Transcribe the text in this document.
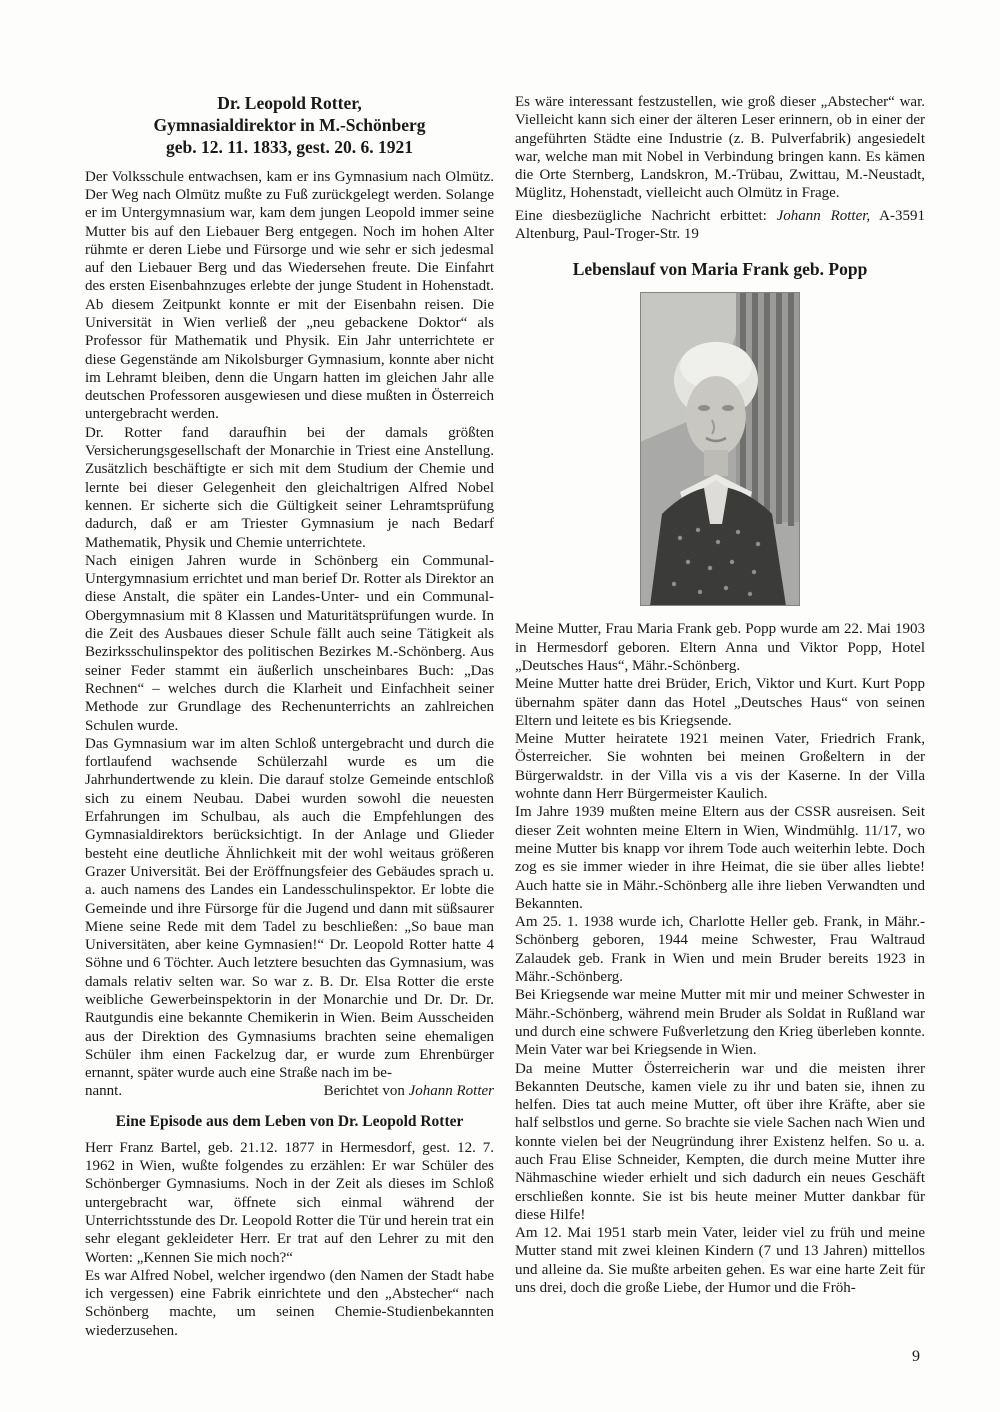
Dr. Leopold Rotter,
Gymnasialdirektor in M.-Schönberg
geb. 12. 11. 1833, gest. 20. 6. 1921

Der Volksschule entwachsen, kam er ins Gymnasium nach Olmütz. Der Weg nach Olmütz mußte zu Fuß zurückgelegt werden. Solange er im Untergymnasium war, kam dem jungen Leopold immer seine Mutter bis auf den Liebauer Berg entgegen. Noch im hohen Alter rühmte er deren Liebe und Fürsorge und wie sehr er sich jedesmal auf den Liebauer Berg und das Wiedersehen freute. Die Einfahrt des ersten Eisenbahnzuges erlebte der junge Student in Hohenstadt. Ab diesem Zeitpunkt konnte er mit der Eisenbahn reisen. Die Universität in Wien verließ der „neu gebackene Doktor“ als Professor für Mathematik und Physik. Ein Jahr unterrichtete er diese Gegenstände am Nikolsburger Gymnasium, konnte aber nicht im Lehramt bleiben, denn die Ungarn hatten im gleichen Jahr alle deutschen Professoren ausgewiesen und diese mußten in Österreich untergebracht werden.

Dr. Rotter fand daraufhin bei der damals größten Versicherungsgesellschaft der Monarchie in Triest eine Anstellung. Zusätzlich beschäftigte er sich mit dem Studium der Chemie und lernte bei dieser Gelegenheit den gleichaltrigen Alfred Nobel kennen. Er sicherte sich die Gültigkeit seiner Lehramtsprüfung dadurch, daß er am Triester Gymnasium je nach Bedarf Mathematik, Physik und Chemie unterrichtete.

Nach einigen Jahren wurde in Schönberg ein Communal-Untergymnasium errichtet und man berief Dr. Rotter als Direktor an diese Anstalt, die später ein Landes-Unter- und ein Communal-Obergymnasium mit 8 Klassen und Maturitätsprüfungen wurde. In die Zeit des Ausbaues dieser Schule fällt auch seine Tätigkeit als Bezirksschulinspektor des politischen Bezirkes M.-Schönberg. Aus seiner Feder stammt ein äußerlich unscheinbares Buch: „Das Rechnen“ – welches durch die Klarheit und Einfachheit seiner Methode zur Grundlage des Rechenunterrichts an zahlreichen Schulen wurde.

Das Gymnasium war im alten Schloß untergebracht und durch die fortlaufend wachsende Schülerzahl wurde es um die Jahrhundertwende zu klein. Die darauf stolze Gemeinde entschloß sich zu einem Neubau. Dabei wurden sowohl die neuesten Erfahrungen im Schulbau, als auch die Empfehlungen des Gymnasialdirektors berücksichtigt. In der Anlage und Glieder besteht eine deutliche Ähnlichkeit mit der wohl weitaus größeren Grazer Universität. Bei der Eröffnungsfeier des Gebäudes sprach u. a. auch namens des Landes ein Landesschulinspektor. Er lobte die Gemeinde und ihre Fürsorge für die Jugend und dann mit süßsaurer Miene seine Rede mit dem Tadel zu beschließen: „So baue man Universitäten, aber keine Gymnasien!“ Dr. Leopold Rotter hatte 4 Söhne und 6 Töchter. Auch letztere besuchten das Gymnasium, was damals relativ selten war. So war z. B. Dr. Elsa Rotter die erste weibliche Gewerbeinspektorin in der Monarchie und Dr. Dr. Dr. Rautgundis eine bekannte Chemikerin in Wien. Beim Ausscheiden aus der Direktion des Gymnasiums brachten seine ehemaligen Schüler ihm einen Fackelzug dar, er wurde zum Ehrenbürger ernannt, später wurde auch eine Straße nach im be-

nannt.	Berichtet von Johann Rotter
Eine Episode aus dem Leben von Dr. Leopold Rotter

Herr Franz Bartel, geb. 21.12. 1877 in Hermesdorf, gest. 12. 7. 1962 in Wien, wußte folgendes zu erzählen: Er war Schüler des Schönberger Gymnasiums. Noch in der Zeit als dieses im Schloß untergebracht war, öffnete sich einmal während der Unterrichtsstunde des Dr. Leopold Rotter die Tür und herein trat ein sehr elegant gekleideter Herr. Er trat auf den Lehrer zu mit den Worten: „Kennen Sie mich noch?“

Es war Alfred Nobel, welcher irgendwo (den Namen der Stadt habe ich vergessen) eine Fabrik einrichtete und den „Abstecher“ nach Schönberg machte, um seinen Chemie-Studienbekannten wiederzusehen.

Es wäre interessant festzustellen, wie groß dieser „Abstecher“ war. Vielleicht kann sich einer der älteren Leser erinnern, ob in einer der angeführten Städte eine Industrie (z. B. Pulverfabrik) angesiedelt war, welche man mit Nobel in Verbindung bringen kann. Es kämen die Orte Sternberg, Landskron, M.-Trübau, Zwittau, M.-Neustadt, Müglitz, Hohenstadt, vielleicht auch Olmütz in Frage.

Eine diesbezügliche Nachricht erbittet: Johann Rotter, A-3591 Altenburg, Paul-Troger-Str. 19

Lebenslauf von Maria Frank geb. Popp

Meine Mutter, Frau Maria Frank geb. Popp wurde am 22. Mai 1903 in Hermesdorf geboren. Eltern Anna und Viktor Popp, Hotel „Deutsches Haus“, Mähr.-Schönberg.

Meine Mutter hatte drei Brüder, Erich, Viktor und Kurt. Kurt Popp übernahm später dann das Hotel „Deutsches Haus“ von seinen Eltern und leitete es bis Kriegsende.

Meine Mutter heiratete 1921 meinen Vater, Friedrich Frank, Österreicher. Sie wohnten bei meinen Großeltern in der Bürgerwaldstr. in der Villa vis a vis der Kaserne. In der Villa wohnte dann Herr Bürgermeister Kaulich.

Im Jahre 1939 mußten meine Eltern aus der CSSR ausreisen. Seit dieser Zeit wohnten meine Eltern in Wien, Windmühlg. 11/17, wo meine Mutter bis knapp vor ihrem Tode auch weiterhin lebte. Doch zog es sie immer wieder in ihre Heimat, die sie über alles liebte! Auch hatte sie in Mähr.-Schönberg alle ihre lieben Verwandten und Bekannten.

Am 25. 1. 1938 wurde ich, Charlotte Heller geb. Frank, in Mähr.-Schönberg geboren, 1944 meine Schwester, Frau Waltraud Zalaudek geb. Frank in Wien und mein Bruder bereits 1923 in Mähr.-Schönberg.

Bei Kriegsende war meine Mutter mit mir und meiner Schwester in Mähr.-Schönberg, während mein Bruder als Soldat in Rußland war und durch eine schwere Fußverletzung den Krieg überleben konnte. Mein Vater war bei Kriegsende in Wien.

Da meine Mutter Österreicherin war und die meisten ihrer Bekannten Deutsche, kamen viele zu ihr und baten sie, ihnen zu helfen. Dies tat auch meine Mutter, oft über ihre Kräfte, aber sie half selbstlos und gerne. So brachte sie viele Sachen nach Wien und konnte vielen bei der Neugründung ihrer Existenz helfen. So u. a. auch Frau Elise Schneider, Kempten, die durch meine Mutter ihre Nähmaschine wieder erhielt und sich dadurch ein neues Geschäft erschließen konnte. Sie ist bis heute meiner Mutter dankbar für diese Hilfe!

Am 12. Mai 1951 starb mein Vater, leider viel zu früh und meine Mutter stand mit zwei kleinen Kindern (7 und 13 Jahren) mittellos und alleine da. Sie mußte arbeiten gehen. Es war eine harte Zeit für uns drei, doch die große Liebe, der Humor und die Fröh-

9
